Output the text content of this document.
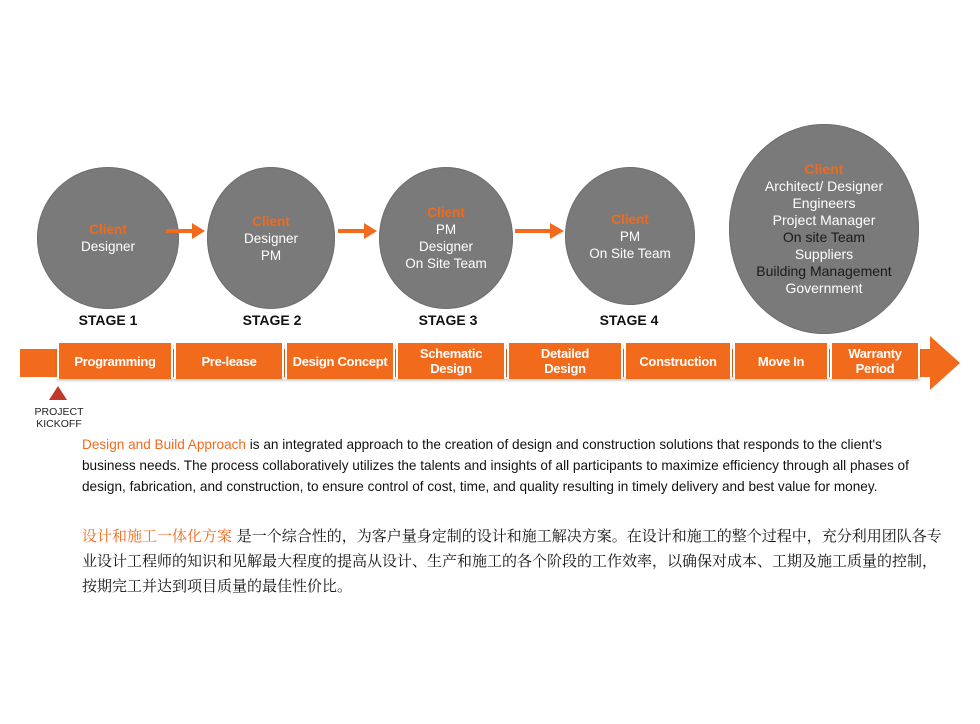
Client
Designer
Client
Designer
PM
Client
PM
Designer
On Site Team
Client
PM
On Site Team
Client
Architect/ Designer
Engineers
Project Manager
On site Team
Suppliers
Building Management
Government
STAGE 1	STAGE 2	STAGE 3	STAGE 4
Programming	Pre-lease	Design Concept	Schematic
Design
Detailed
Design	Construction	Move In	Warranty
Period
PROJECT
KICKOFF

Design and Build Approach is an integrated approach to the creation of design and construction solutions that responds to the client's business needs. The process collaboratively utilizes the talents and insights of all participants to maximize efficiency through all phases of design, fabrication, and construction, to ensure control of cost, time, and quality resulting in timely delivery and best value for money.

设计和施工一体化方案 是一个综合性的，为客户量身定制的设计和施工解决方案。在设计和施工的整个过程中，充分利用团队各专业设计工程师的知识和见解最大程度的提高从设计、生产和施工的各个阶段的工作效率，以确保对成本、工期及施工质量的控制，按期完工并达到项目质量的最佳性价比。
